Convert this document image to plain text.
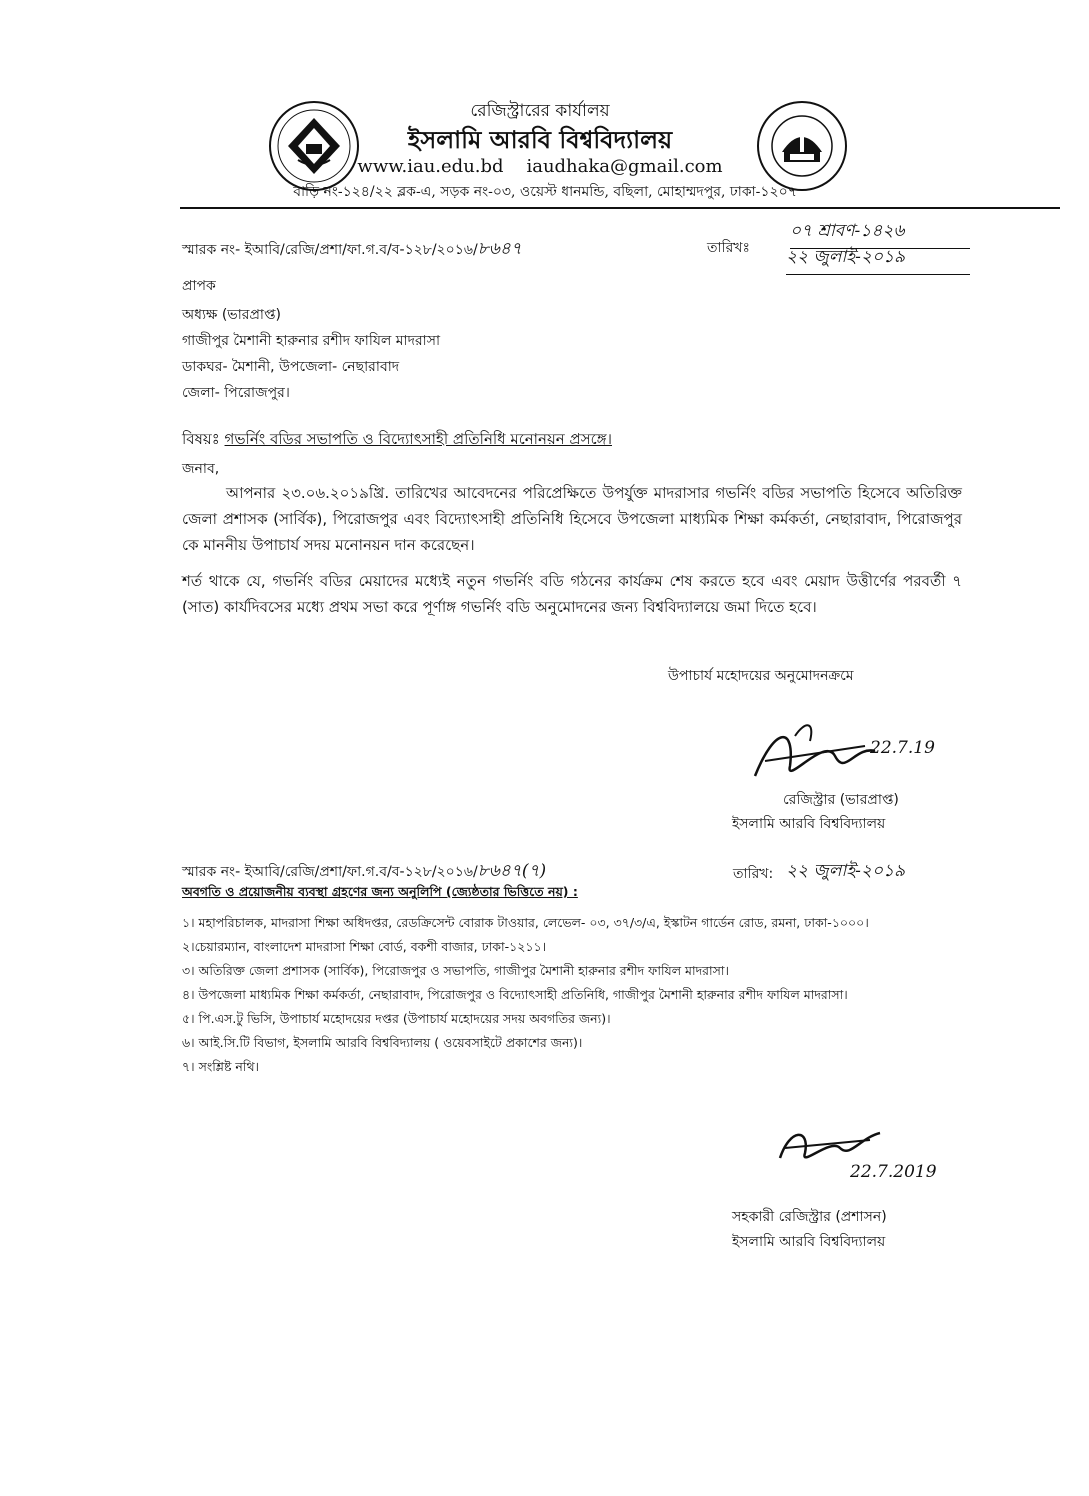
রেজিস্ট্রারের কার্যালয়
ইসলামি আরবি বিশ্ববিদ্যালয়
www.iau.edu.bd iaudhaka@gmail.com
বাড়ি নং-১২৪/২২ ব্লক-এ, সড়ক নং-০৩, ওয়েস্ট ধানমন্ডি, বছিলা, মোহাম্মদপুর, ঢাকা-১২০৭
স্মারক নং- ইআবি/রেজি/প্রশা/ফা.গ.ব/ব-১২৮/২০১৬/৮৬৪৭	তারিখঃ
০৭ শ্রাবণ-১৪২৬
২২ জুলাই-২০১৯
প্রাপক
অধ্যক্ষ (ভারপ্রাপ্ত)
গাজীপুর মৈশানী হারুনার রশীদ ফাযিল মাদরাসা
ডাকঘর- মৈশানী, উপজেলা- নেছারাবাদ
জেলা- পিরোজপুর।
বিষয়ঃ গভর্নিং বডির সভাপতি ও বিদ্যোৎসাহী প্রতিনিধি মনোনয়ন প্রসঙ্গে।
জনাব,
আপনার ২৩.০৬.২০১৯খ্রি. তারিখের আবেদনের পরিপ্রেক্ষিতে উপর্যুক্ত মাদরাসার গভর্নিং বডির সভাপতি হিসেবে অতিরিক্ত জেলা প্রশাসক (সার্বিক), পিরোজপুর এবং বিদ্যোৎসাহী প্রতিনিধি হিসেবে উপজেলা মাধ্যমিক শিক্ষা কর্মকর্তা, নেছারাবাদ, পিরোজপুর কে মাননীয় উপাচার্য সদয় মনোনয়ন দান করেছেন।
শর্ত থাকে যে, গভর্নিং বডির মেয়াদের মধ্যেই নতুন গভর্নিং বডি গঠনের কার্যক্রম শেষ করতে হবে এবং মেয়াদ উত্তীর্ণের পরবর্তী ৭ (সাত) কার্যদিবসের মধ্যে প্রথম সভা করে পূর্ণাঙ্গ গভর্নিং বডি অনুমোদনের জন্য বিশ্ববিদ্যালয়ে জমা দিতে হবে।
উপাচার্য মহোদয়ের অনুমোদনক্রমে
22.7.19
রেজিস্ট্রার (ভারপ্রাপ্ত)
ইসলামি আরবি বিশ্ববিদ্যালয়
স্মারক নং- ইআবি/রেজি/প্রশা/ফা.গ.ব/ব-১২৮/২০১৬/৮৬৪৭(৭)	তারিখ: ২২ জুলাই-২০১৯
অবগতি ও প্রয়োজনীয় ব্যবস্থা গ্রহণের জন্য অনুলিপি (জ্যেষ্ঠতার ভিত্তিতে নয়) :
১। মহাপরিচালক, মাদরাসা শিক্ষা অধিদপ্তর, রেডক্রিসেন্ট বোরাক টাওয়ার, লেভেল- ০৩, ৩৭/৩/এ, ইস্কাটন গার্ডেন রোড, রমনা, ঢাকা-১০০০।
২।চেয়ারম্যান, বাংলাদেশ মাদরাসা শিক্ষা বোর্ড, বকশী বাজার, ঢাকা-১২১১।
৩। অতিরিক্ত জেলা প্রশাসক (সার্বিক), পিরোজপুর ও সভাপতি, গাজীপুর মৈশানী হারুনার রশীদ ফাযিল মাদরাসা।
৪। উপজেলা মাধ্যমিক শিক্ষা কর্মকর্তা, নেছারাবাদ, পিরোজপুর ও বিদ্যোৎসাহী প্রতিনিধি, গাজীপুর মৈশানী হারুনার রশীদ ফাযিল মাদরাসা।
৫। পি.এস.টু ভিসি, উপাচার্য মহোদয়ের দপ্তর (উপাচার্য মহোদয়ের সদয় অবগতির জন্য)।
৬। আই.সি.টি বিভাগ, ইসলামি আরবি বিশ্ববিদ্যালয় ( ওয়েবসাইটে প্রকাশের জন্য)।
৭। সংশ্লিষ্ট নথি।
22.7.2019
সহকারী রেজিস্ট্রার (প্রশাসন)
ইসলামি আরবি বিশ্ববিদ্যালয়
